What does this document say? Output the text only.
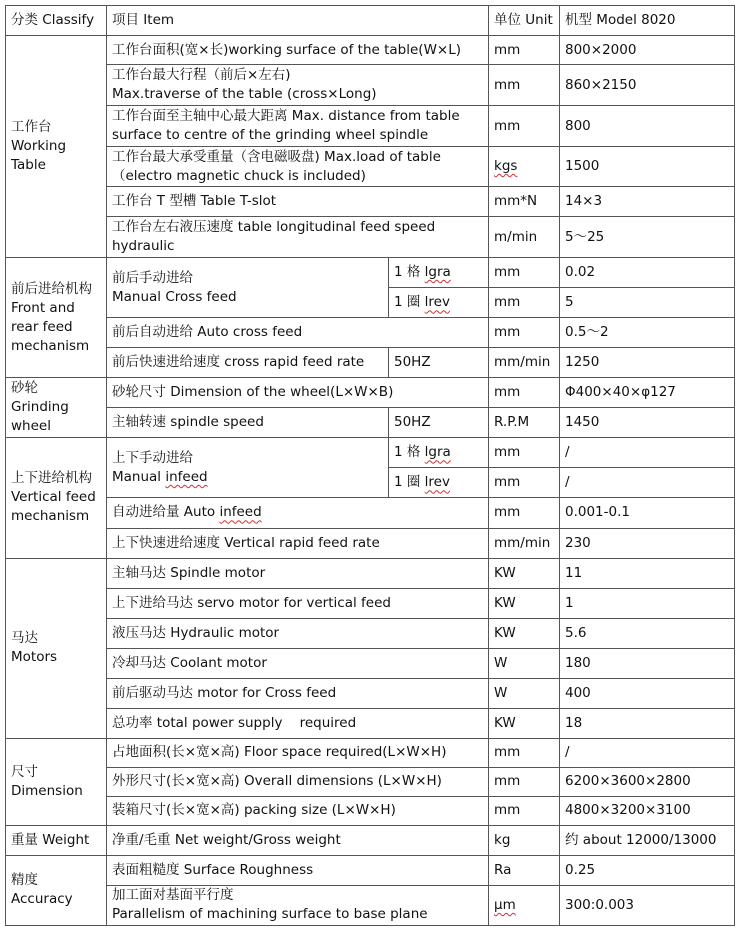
分类 Classify	项目 Item		单位 Unit	机型 Model 8020

工作台
Working
Table	工作台面积(宽×长)working surface of the table(W×L)		mm	800×2000

	工作台最大行程（前后×左右)
Max.traverse of the table (cross×Long)		mm	860×2150

	工作台面至主轴中心最大距离 Max. distance from table
surface to centre of the grinding wheel spindle		mm	800

	工作台最大承受重量（含电磁吸盘) Max.load of table
（electro magnetic chuck is included)		kgs	1500
	工作台 T 型槽 Table T-slot		mm*N	14×3

	工作台左右液压速度 table longitudinal feed speed
hydraulic		m/min	5～25

前后进给机构
Front and
rear feed
mechanism	前后手动进给
Manual Cross feed	1 格 lgra	mm	0.02
		1 圈 lrev	mm	5
	前后自动进给 Auto cross feed		mm	0.5～2
	前后快速进给速度 cross rapid feed rate	50HZ	mm/min	1250

砂轮
Grinding
wheel	砂轮尺寸 Dimension of the wheel(L×W×B)		mm	Φ400×40×φ127
	主轴转速 spindle speed	50HZ	R.P.M	1450

上下进给机构
Vertical feed
mechanism	上下手动进给
Manual infeed	1 格 lgra	mm	/
		1 圈 lrev	mm	/
	自动进给量 Auto infeed		mm	0.001-0.1
	上下快速进给速度 Vertical rapid feed rate		mm/min	230

马达
Motors	主轴马达 Spindle motor		KW	11
	上下进给马达 servo motor for vertical feed		KW	1
	液压马达 Hydraulic motor		KW	5.6
	冷却马达 Coolant motor		W	180
	前后驱动马达 motor for Cross feed		W	400
	总功率 total power supply    required		KW	18

尺寸
Dimension	占地面积(长×宽×高) Floor space required(L×W×H)		mm	/
	外形尺寸(长×宽×高) Overall dimensions (L×W×H)		mm	6200×3600×2800
	装箱尺寸(长×宽×高) packing size (L×W×H)		mm	4800×3200×3100
重量 Weight	净重/毛重 Net weight/Gross weight		kg	约 about 12000/13000

精度
Accuracy	表面粗糙度 Surface Roughness		Ra	0.25

	加工面对基面平行度
Parallelism of machining surface to base plane		μm	300:0.003
